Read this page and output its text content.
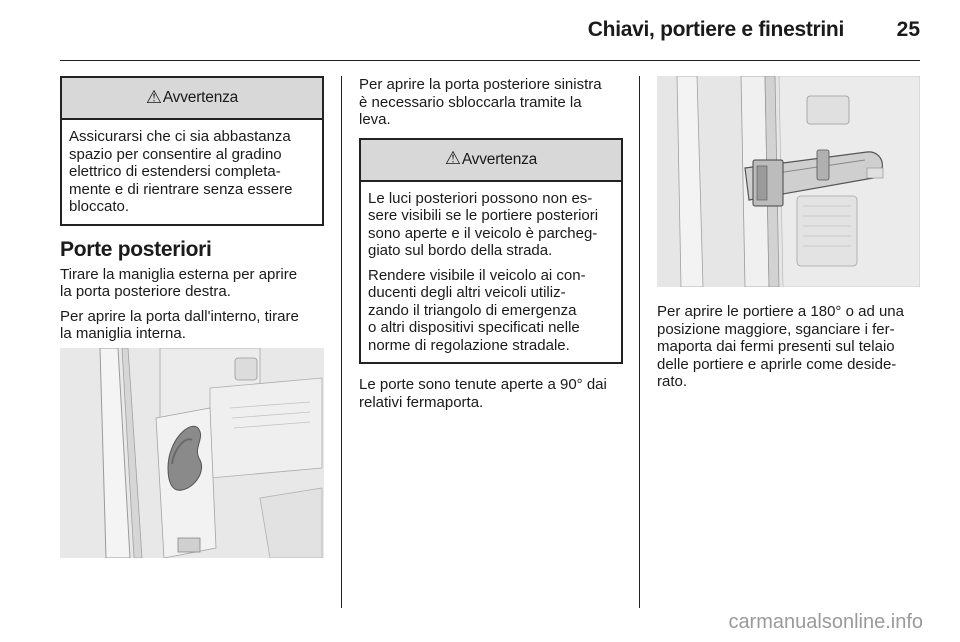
Chiavi, portiere e finestrini	25
⚠ Avvertenza

Assicurarsi che ci sia abbastanza
spazio per consentire al gradino
elettrico di estendersi completa-
mente e di rientrare senza essere
bloccato.

Porte posteriori

Tirare la maniglia esterna per aprire
la porta posteriore destra.

Per aprire la porta dall'interno, tirare
la maniglia interna.

Per aprire la porta posteriore sinistra
è necessario sbloccarla tramite la
leva.

⚠ Avvertenza

Le luci posteriori possono non es-
sere visibili se le portiere posteriori
sono aperte e il veicolo è parcheg-
giato sul bordo della strada.

Rendere visibile il veicolo ai con-
ducenti degli altri veicoli utiliz-
zando il triangolo di emergenza
o altri dispositivi specificati nelle
norme di regolazione stradale.

Le porte sono tenute aperte a 90° dai
relativi fermaporta.

Per aprire le portiere a 180° o ad una
posizione maggiore, sganciare i fer-
maporta dai fermi presenti sul telaio
delle portiere e aprirle come deside-
rato.

carmanualsonline.info
